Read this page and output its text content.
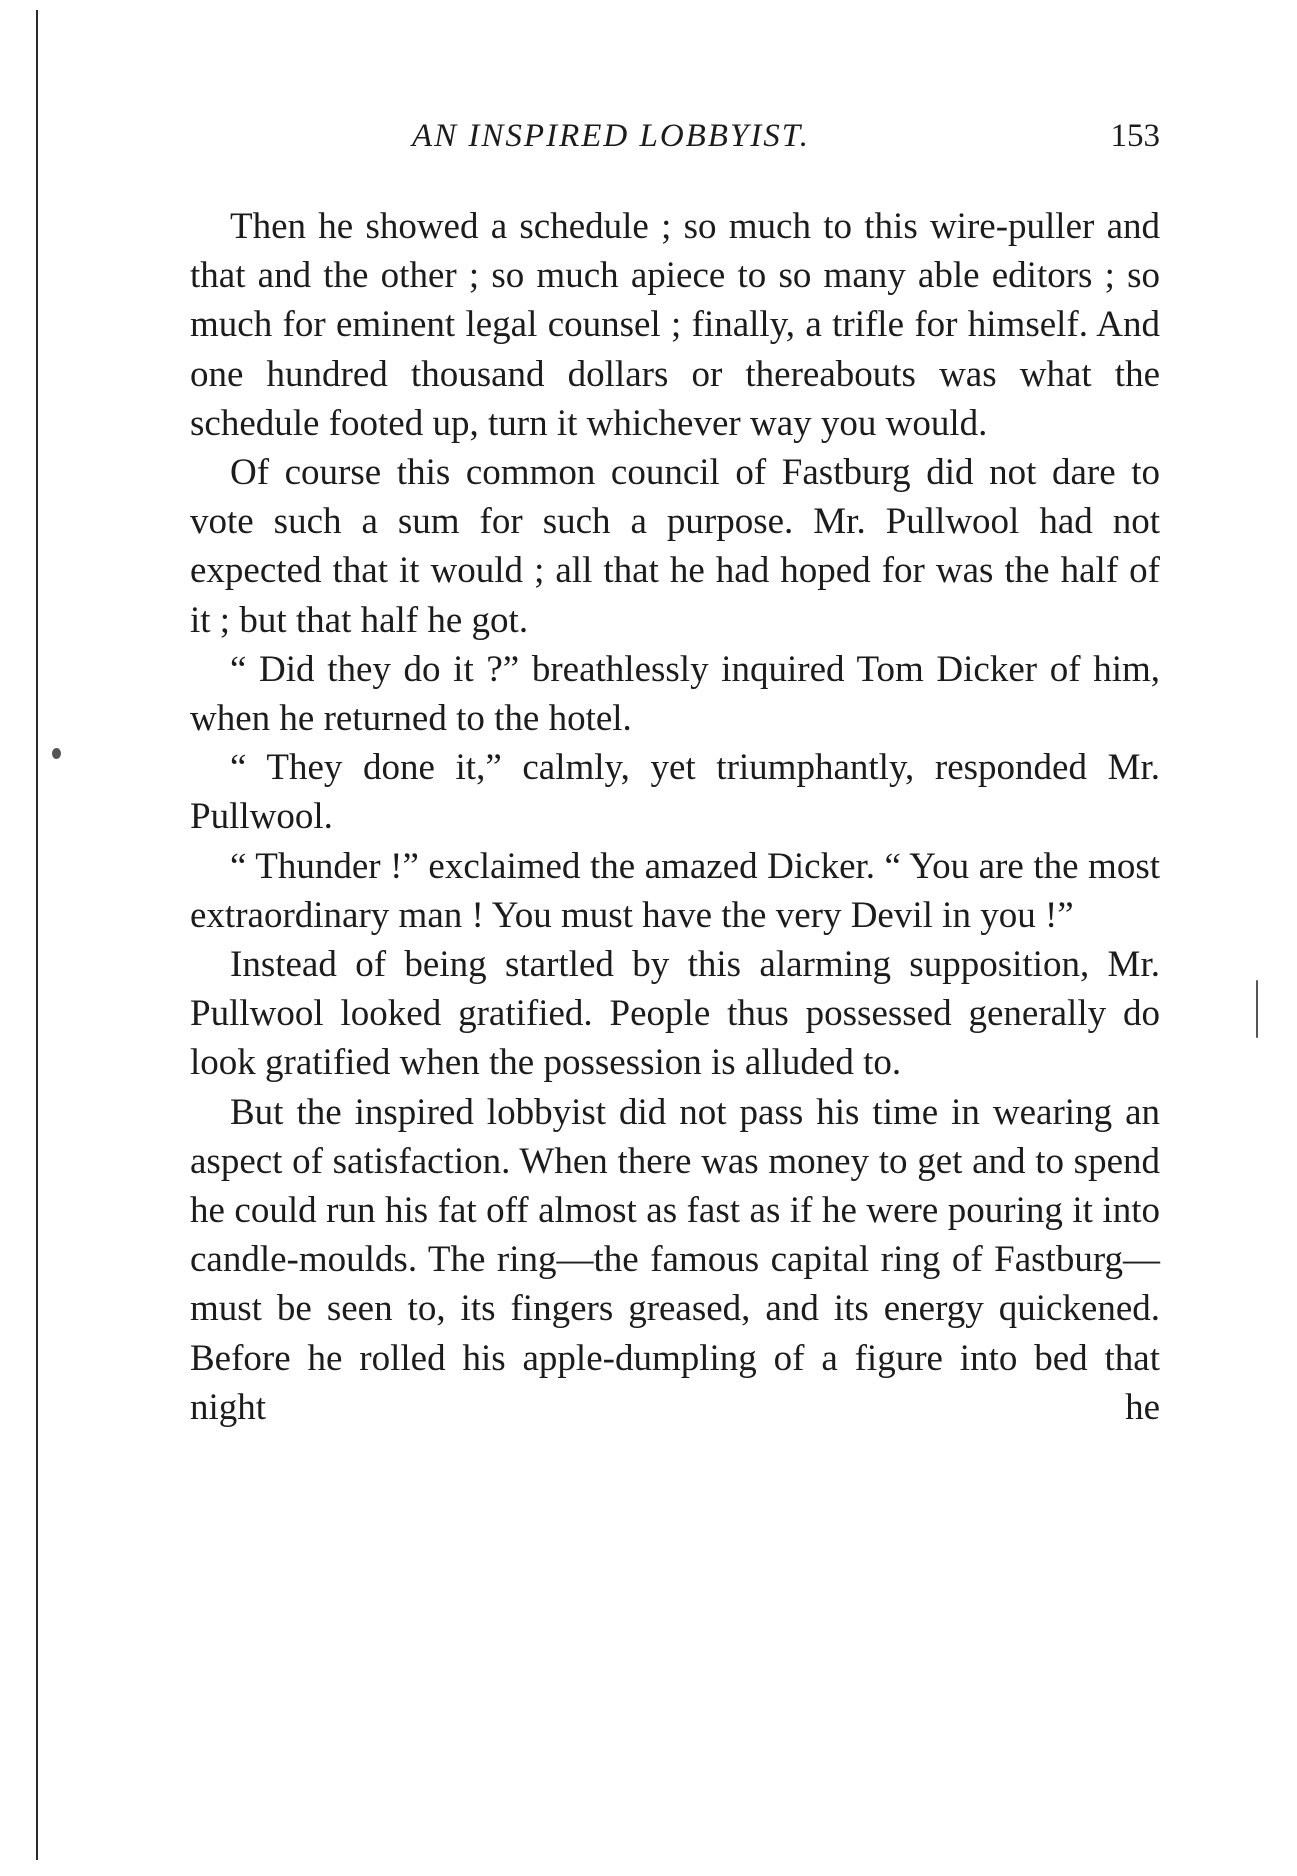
AN INSPIRED LOBBYIST.	153

Then he showed a schedule ; so much to this wire-puller and that and the other ; so much apiece to so many able editors ; so much for eminent legal counsel ; finally, a trifle for himself. And one hundred thousand dollars or thereabouts was what the schedule footed up, turn it whichever way you would.

Of course this common council of Fastburg did not dare to vote such a sum for such a purpose. Mr. Pullwool had not expected that it would ; all that he had hoped for was the half of it ; but that half he got.

“ Did they do it ?” breathlessly inquired Tom Dicker of him, when he returned to the hotel.

“ They done it,” calmly, yet triumphantly, responded Mr. Pullwool.

“ Thunder !” exclaimed the amazed Dicker. “ You are the most extraordinary man ! You must have the very Devil in you !”

Instead of being startled by this alarming supposition, Mr. Pullwool looked gratified. People thus possessed generally do look gratified when the possession is alluded to.

But the inspired lobbyist did not pass his time in wearing an aspect of satisfaction. When there was money to get and to spend he could run his fat off almost as fast as if he were pouring it into candle-moulds. The ring—the famous capital ring of Fastburg—must be seen to, its fingers greased, and its energy quickened. Before he rolled his apple-dumpling of a figure into bed that night he
